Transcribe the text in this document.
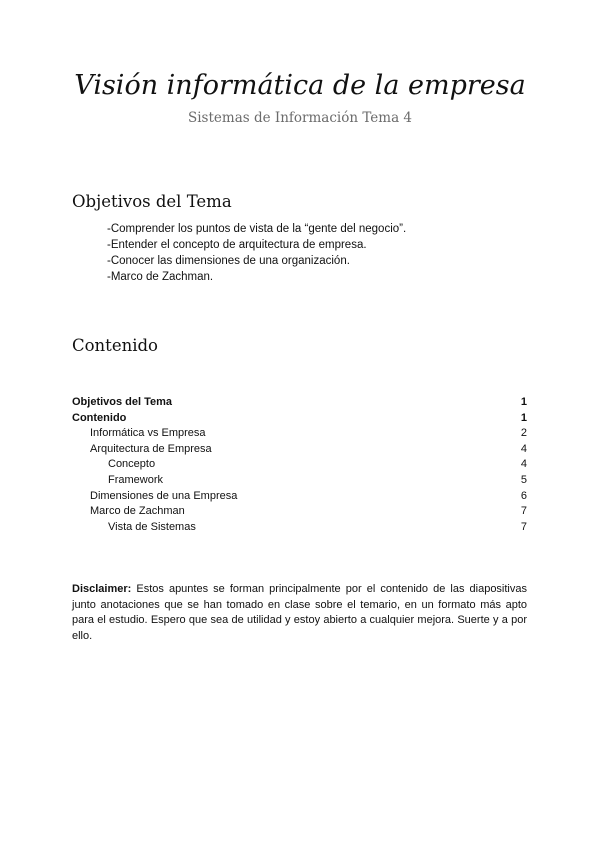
Visión informática de la empresa
Sistemas de Información Tema 4
Objetivos del Tema
-Comprender los puntos de vista de la “gente del negocio”.
-Entender el concepto de arquitectura de empresa.
-Conocer las dimensiones de una organización.
-Marco de Zachman.
Contenido
Objetivos del Tema	1
Contenido	1
Informática vs Empresa	2
Arquitectura de Empresa	4
Concepto	4
Framework	5
Dimensiones de una Empresa	6
Marco de Zachman	7
Vista de Sistemas	7

Disclaimer: Estos apuntes se forman principalmente por el contenido de las diapositivas junto anotaciones que se han tomado en clase sobre el temario, en un formato más apto para el estudio. Espero que sea de utilidad y estoy abierto a cualquier mejora. Suerte y a por ello.
